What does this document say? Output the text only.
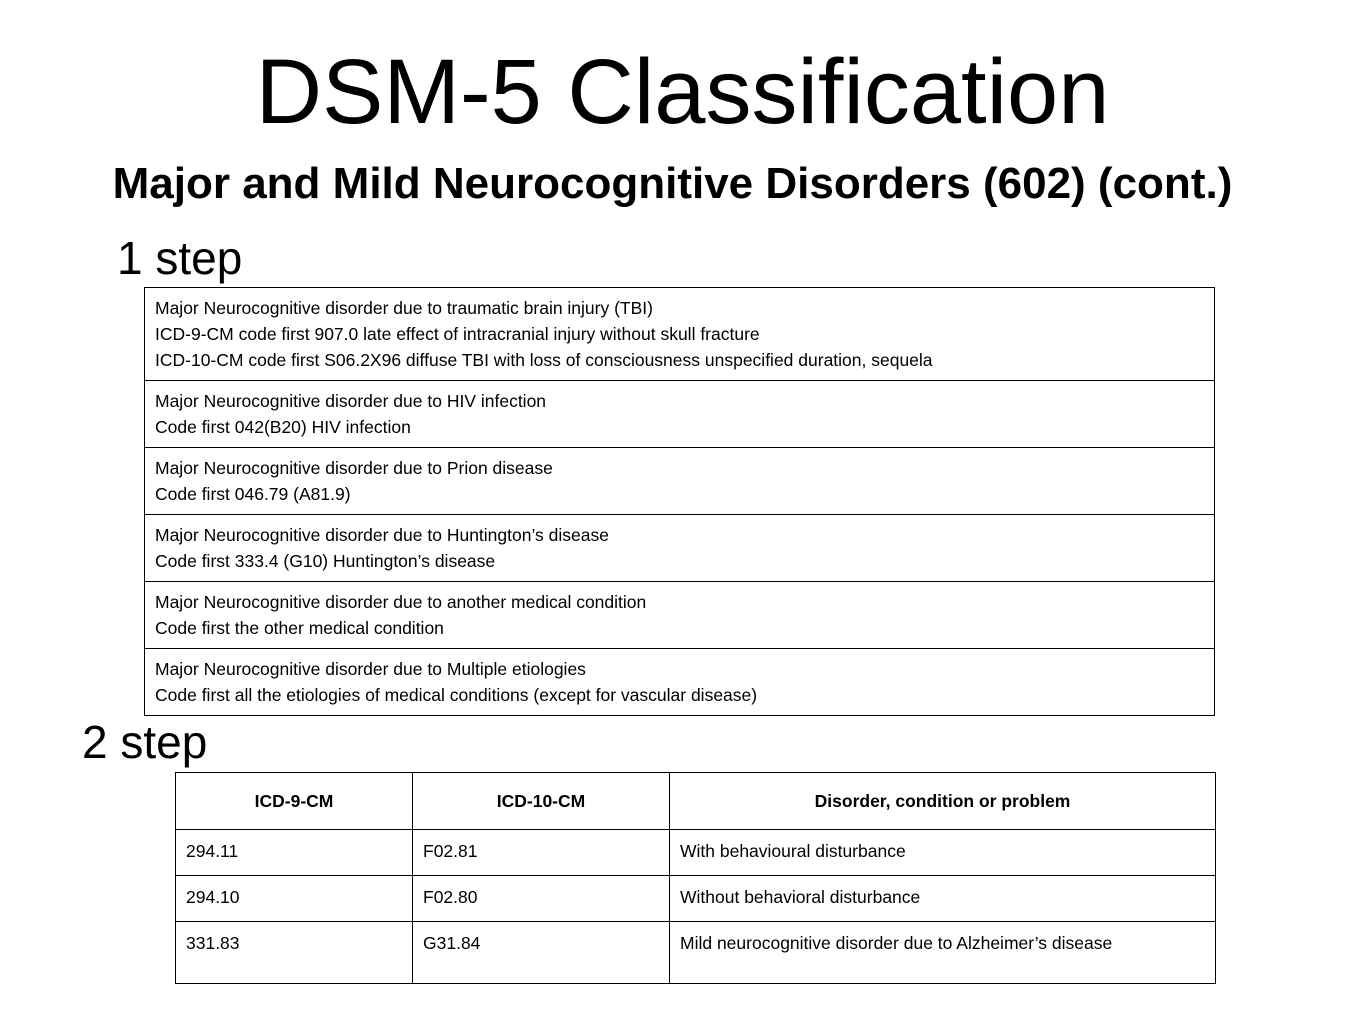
DSM-5 Classification
Major and Mild Neurocognitive Disorders (602) (cont.)
1 step
Major Neurocognitive disorder due to traumatic brain injury (TBI)
ICD-9-CM code first 907.0 late effect of intracranial injury without skull fracture
ICD-10-CM code first S06.2X96 diffuse TBI with loss of consciousness unspecified duration, sequela

Major Neurocognitive disorder due to HIV infection
Code first 042(B20) HIV infection

Major Neurocognitive disorder due to Prion disease
Code first 046.79 (A81.9)

Major Neurocognitive disorder due to Huntington’s disease
Code first 333.4 (G10) Huntington’s disease

Major Neurocognitive disorder due to another medical condition
Code first the other medical condition

Major Neurocognitive disorder due to Multiple etiologies
Code first all the etiologies of medical conditions (except for vascular disease)
2 step
ICD-9-CM	ICD-10-CM	Disorder, condition or problem
294.11	F02.81	With behavioural disturbance
294.10	F02.80	Without behavioral disturbance
331.83	G31.84	Mild neurocognitive disorder due to Alzheimer’s disease
